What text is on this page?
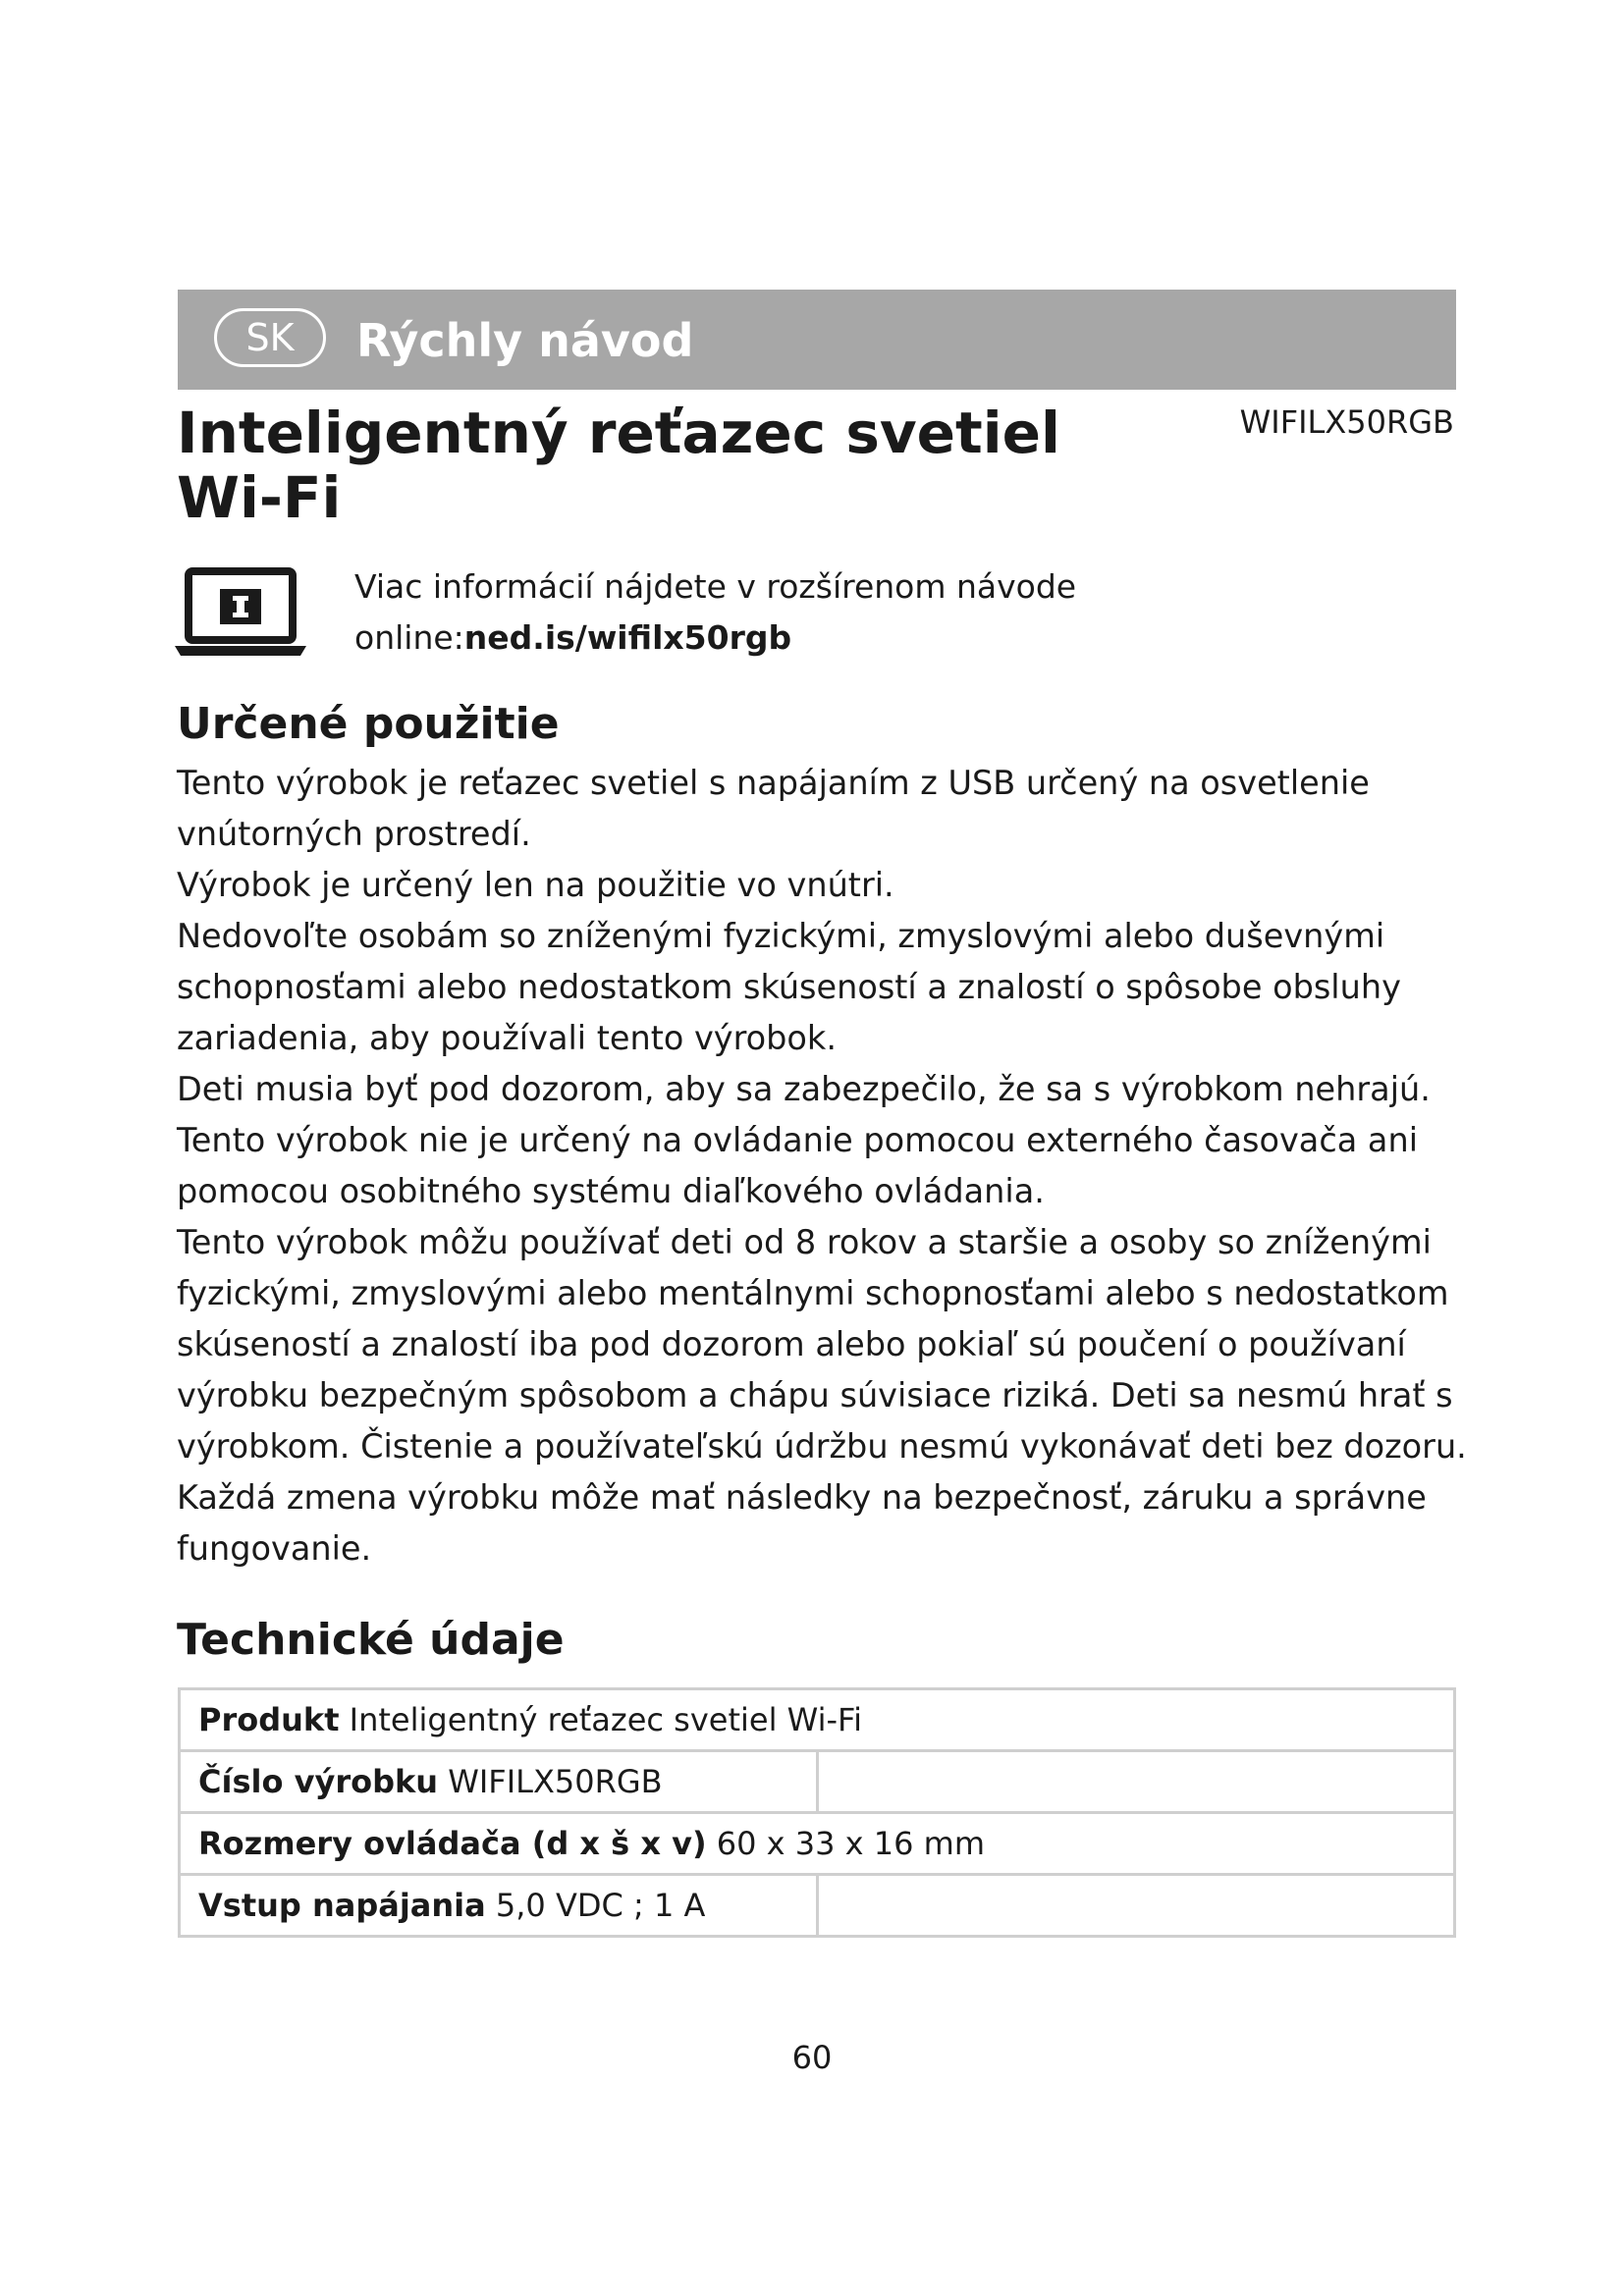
SK	Rýchly návod
Inteligentný reťazec svetiel Wi-Fi
WIFILX50RGB
Viac informácií nájdete v rozšírenom návode
online:ned.is/wifilx50rgb
Určené použitie

Tento výrobok je reťazec svetiel s napájaním z USB určený na osvetlenie vnútorných prostredí.

Výrobok je určený len na použitie vo vnútri.

Nedovoľte osobám so zníženými fyzickými, zmyslovými alebo duševnými schopnosťami alebo nedostatkom skúseností a znalostí o spôsobe obsluhy zariadenia, aby používali tento výrobok.

Deti musia byť pod dozorom, aby sa zabezpečilo, že sa s výrobkom nehrajú.

Tento výrobok nie je určený na ovládanie pomocou externého časovača ani pomocou osobitného systému diaľkového ovládania.

Tento výrobok môžu používať deti od 8 rokov a staršie a osoby so zníženými fyzickými, zmyslovými alebo mentálnymi schopnosťami alebo s nedostatkom skúseností a znalostí iba pod dozorom alebo pokiaľ sú poučení o používaní výrobku bezpečným spôsobom a chápu súvisiace riziká. Deti sa nesmú hrať s výrobkom. Čistenie a používateľskú údržbu nesmú vykonávať deti bez dozoru.

Každá zmena výrobku môže mať následky na bezpečnosť, záruku a správne fungovanie.

Technické údaje
Produkt Inteligentný reťazec svetiel Wi-Fi	
Číslo výrobku WIFILX50RGB	
Rozmery ovládača (d x š x v) 60 x 33 x 16 mm	
Vstup napájania 5,0 VDC ; 1 A	
60
